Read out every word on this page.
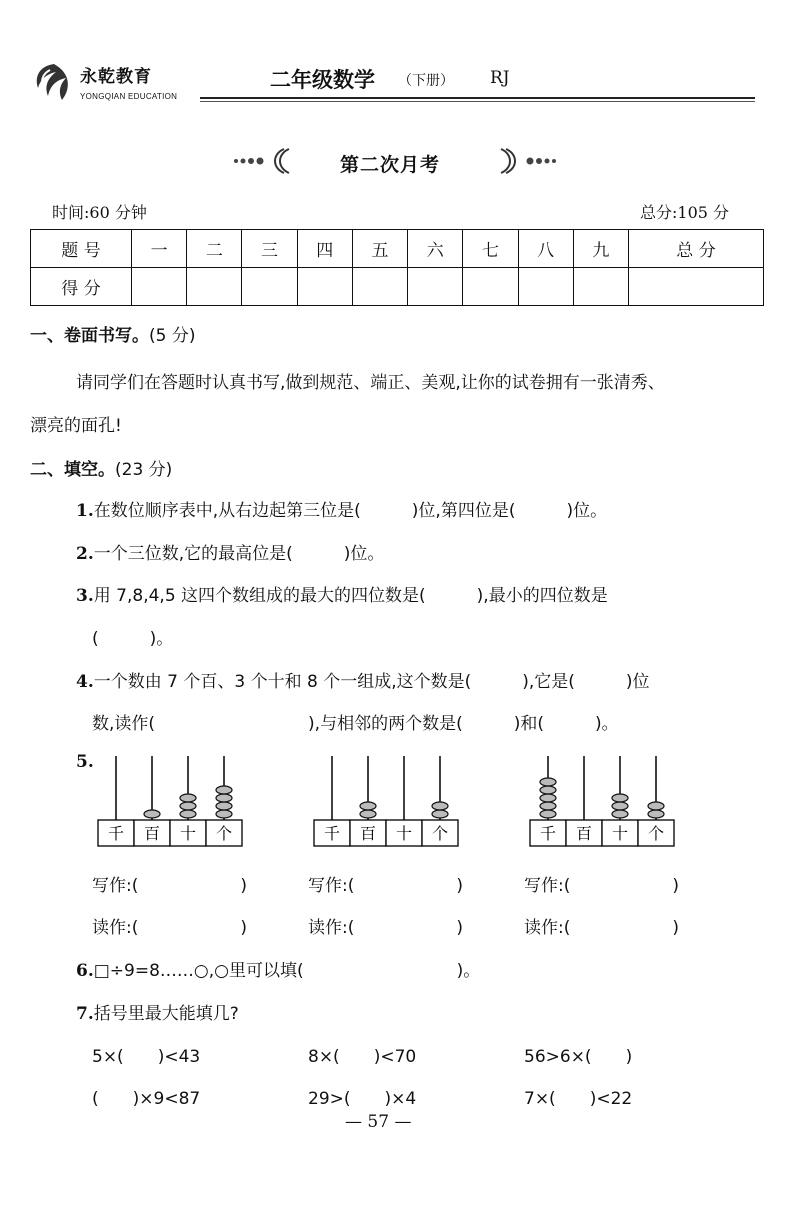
永乾教育
YONGQIAN EDUCATION
二年级数学 （下册） RJ
第二次月考
时间:60 分钟	总分:105 分
题 号	一	二	三	四	五	六	七	八	九	总 分
得 分										
一、卷面书写。(5 分)
请同学们在答题时认真书写,做到规范、端正、美观,让你的试卷拥有一张清秀、
漂亮的面孔!
二、填空。(23 分)
1.在数位顺序表中,从右边起第三位是(　　　)位,第四位是(　　　)位。
2.一个三位数,它的最高位是(　　　)位。
3.用 7,8,4,5 这四个数组成的最大的四位数是(　　　),最小的四位数是
(　　　)。
4.一个数由 7 个百、3 个十和 8 个一组成,这个数是(　　　),它是(　　　)位
数,读作(　　　　　　　　　),与相邻的两个数是(　　　)和(　　　)。
5.
千 百 十 个	千 百 十 个	千 百 十 个
写作:(　　　　　　)	写作:(　　　　　　)	写作:(　　　　　　)
读作:(　　　　　　)	读作:(　　　　　　)	读作:(　　　　　　)
6.□÷9=8……○,○里可以填(　　　　　　　　　)。
7.括号里最大能填几?
5×(　　)<43	8×(　　)<70	56>6×(　　)
(　　)×9<87	29>(　　)×4	7×(　　)<22
— 57 —
